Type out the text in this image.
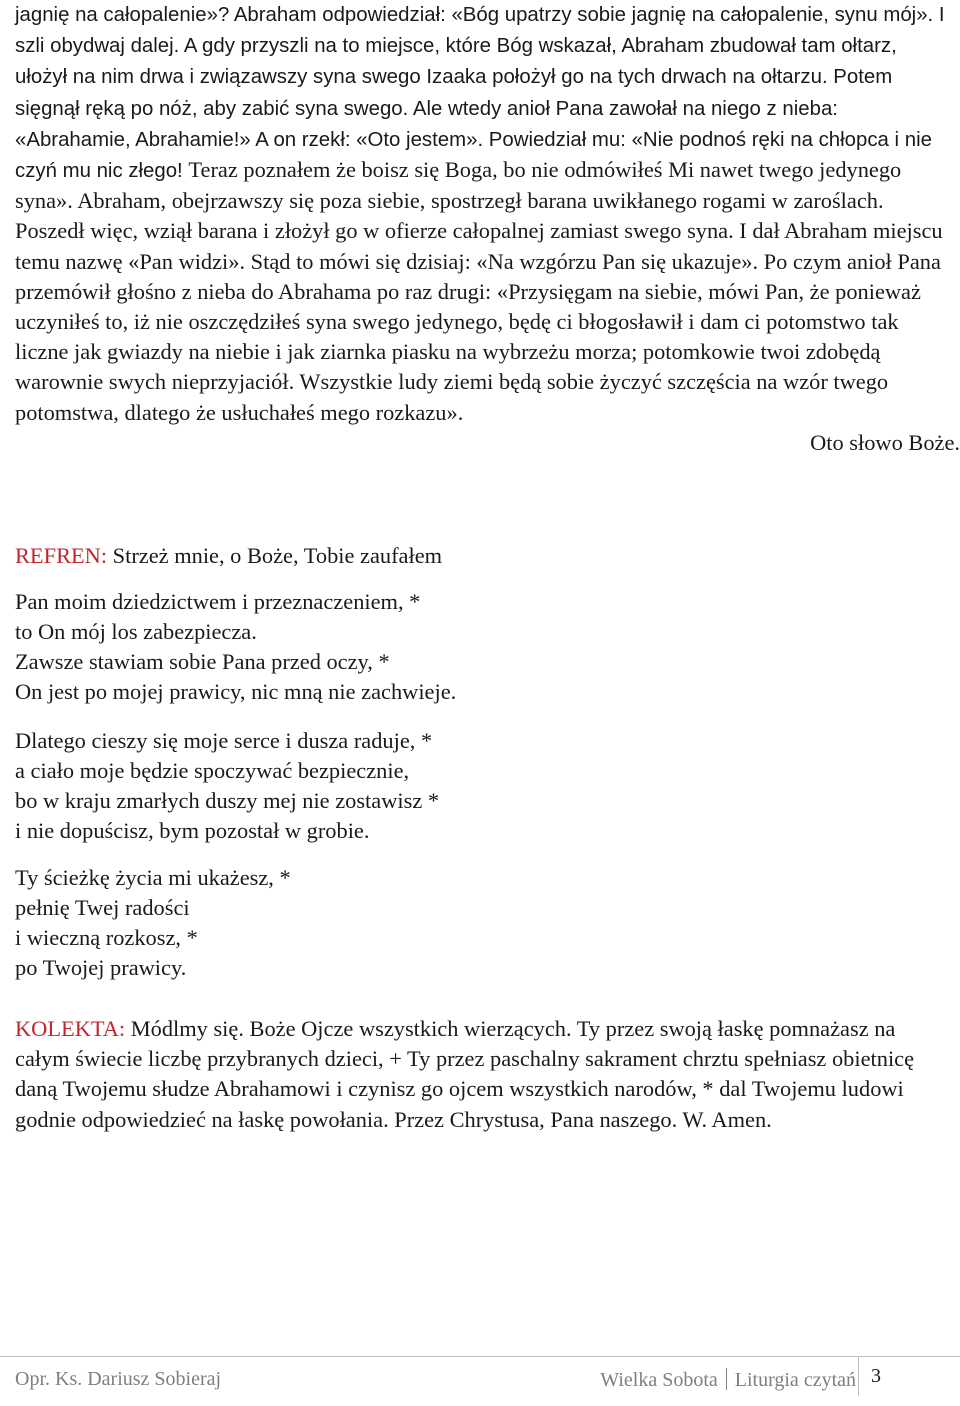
jagnię na całopalenie»? Abraham odpowiedział: «Bóg upatrzy sobie jagnię na całopalenie, synu mój». I szli obydwaj dalej. A gdy przyszli na to miejsce, które Bóg wskazał, Abraham zbudował tam ołtarz, ułożył na nim drwa i związawszy syna swego Izaaka położył go na tych drwach na ołtarzu. Potem sięgnął ręką po nóż, aby zabić syna swego. Ale wtedy anioł Pana zawołał na niego z nieba: «Abrahamie, Abrahamie!» A on rzekł: «Oto jestem». Powiedział mu: «Nie podnoś ręki na chłopca i nie czyń mu nic złego! Teraz poznałem że boisz się Boga, bo nie odmówiłeś Mi nawet twego jedynego syna». Abraham, obejrzawszy się poza siebie, spostrzegł barana uwikłanego rogami w zaroślach. Poszedł więc, wziął barana i złożył go w ofierze całopalnej zamiast swego syna. I dał Abraham miejscu temu nazwę «Pan widzi». Stąd to mówi się dzisiaj: «Na wzgórzu Pan się ukazuje». Po czym anioł Pana przemówił głośno z nieba do Abrahama po raz drugi: «Przysięgam na siebie, mówi Pan, że ponieważ uczyniłeś to, iż nie oszczędziłeś syna swego jedynego, będę ci błogosławił i dam ci potomstwo tak liczne jak gwiazdy na niebie i jak ziarnka piasku na wybrzeżu morza; potomkowie twoi zdobędą warownie swych nieprzyjaciół. Wszystkie ludy ziemi będą sobie życzyć szczęścia na wzór twego potomstwa, dlatego że usłuchałeś mego rozkazu».

Oto słowo Boże.

REFREN: Strzeż mnie, o Boże, Tobie zaufałem

Pan moim dziedzictwem i przeznaczeniem, *
to On mój los zabezpiecza.
Zawsze stawiam sobie Pana przed oczy, *
On jest po mojej prawicy, nic mną nie zachwieje.
Dlatego cieszy się moje serce i dusza raduje, *
a ciało moje będzie spoczywać bezpiecznie,
bo w kraju zmarłych duszy mej nie zostawisz *
i nie dopuścisz, bym pozostał w grobie.
Ty ścieżkę życia mi ukażesz, *
pełnię Twej radości
i wieczną rozkosz, *
po Twojej prawicy.

KOLEKTA: Módlmy się. Boże Ojcze wszystkich wierzących. Ty przez swoją łaskę pomnażasz na całym świecie liczbę przybranych dzieci, + Ty przez paschalny sakrament chrztu spełniasz obietnicę daną Twojemu słudze Abrahamowi i czynisz go ojcem wszystkich narodów, * dal Twojemu ludowi godnie odpowiedzieć na łaskę powołania. Przez Chrystusa, Pana naszego. W. Amen.

Opr. Ks. Dariusz Sobieraj	Wielka Sobota Liturgia czytań 3
